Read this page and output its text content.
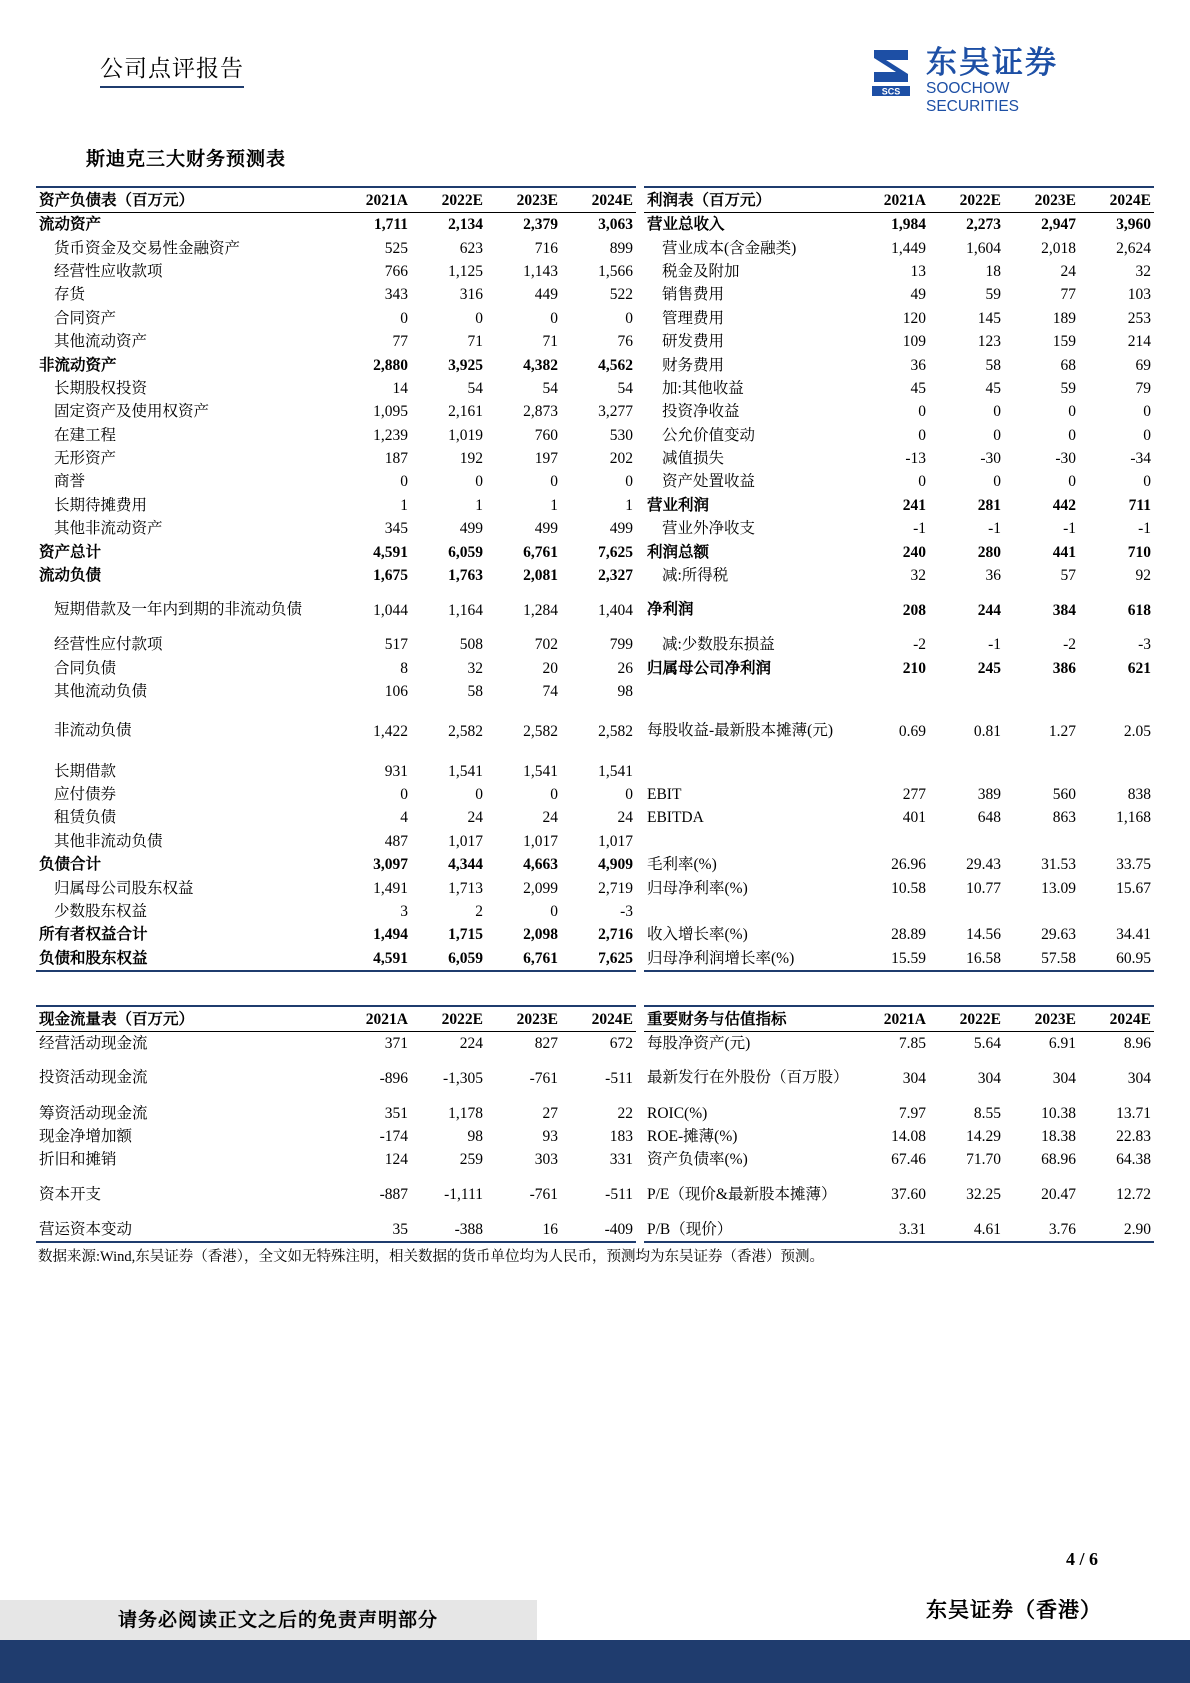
公司点评报告
SCS
东吴证券
SOOCHOW SECURITIES
斯迪克三大财务预测表
资产负债表（百万元）	2021A	2022E	2023E	2024E
流动资产	1,711	2,134	2,379	3,063
货币资金及交易性金融资产	525	623	716	899
经营性应收款项	766	1,125	1,143	1,566
存货	343	316	449	522
合同资产	0	0	0	0
其他流动资产	77	71	71	76
非流动资产	2,880	3,925	4,382	4,562
长期股权投资	14	54	54	54
固定资产及使用权资产	1,095	2,161	2,873	3,277
在建工程	1,239	1,019	760	530
无形资产	187	192	197	202
商誉	0	0	0	0
长期待摊费用	1	1	1	1
其他非流动资产	345	499	499	499
资产总计	4,591	6,059	6,761	7,625
流动负债	1,675	1,763	2,081	2,327
短期借款及一年内到期的非流动负债	1,044	1,164	1,284	1,404
经营性应付款项	517	508	702	799
合同负债	8	32	20	26
其他流动负债	106	58	74	98
非流动负债	1,422	2,582	2,582	2,582
长期借款	931	1,541	1,541	1,541
应付债券	0	0	0	0
租赁负债	4	24	24	24
其他非流动负债	487	1,017	1,017	1,017
负债合计	3,097	4,344	4,663	4,909
归属母公司股东权益	1,491	1,713	2,099	2,719
少数股东权益	3	2	0	-3
所有者权益合计	1,494	1,715	2,098	2,716
负债和股东权益	4,591	6,059	6,761	7,625
利润表（百万元）	2021A	2022E	2023E	2024E
营业总收入	1,984	2,273	2,947	3,960
营业成本(含金融类)	1,449	1,604	2,018	2,624
税金及附加	13	18	24	32
销售费用	49	59	77	103
管理费用	120	145	189	253
研发费用	109	123	159	214
财务费用	36	58	68	69
加:其他收益	45	45	59	79
投资净收益	0	0	0	0
公允价值变动	0	0	0	0
减值损失	-13	-30	-30	-34
资产处置收益	0	0	0	0
营业利润	241	281	442	711
营业外净收支	-1	-1	-1	-1
利润总额	240	280	441	710
减:所得税	32	36	57	92
净利润	208	244	384	618
减:少数股东损益	-2	-1	-2	-3
归属母公司净利润	210	245	386	621

每股收益-最新股本摊薄(元)	0.69	0.81	1.27	2.05

EBIT	277	389	560	838
EBITDA	401	648	863	1,168

毛利率(%)	26.96	29.43	31.53	33.75
归母净利率(%)	10.58	10.77	13.09	15.67

收入增长率(%)	28.89	14.56	29.63	34.41
归母净利润增长率(%)	15.59	16.58	57.58	60.95
现金流量表（百万元）	2021A	2022E	2023E	2024E
经营活动现金流	371	224	827	672
投资活动现金流	-896	-1,305	-761	-511
筹资活动现金流	351	1,178	27	22
现金净增加额	-174	98	93	183
折旧和摊销	124	259	303	331
资本开支	-887	-1,111	-761	-511
营运资本变动	35	-388	16	-409
重要财务与估值指标	2021A	2022E	2023E	2024E
每股净资产(元)	7.85	5.64	6.91	8.96
最新发行在外股份（百万股）	304	304	304	304
ROIC(%)	7.97	8.55	10.38	13.71
ROE-摊薄(%)	14.08	14.29	18.38	22.83
资产负债率(%)	67.46	71.70	68.96	64.38
P/E（现价&最新股本摊薄）	37.60	32.25	20.47	12.72
P/B（现价）	3.31	4.61	3.76	2.90
数据来源:Wind,东吴证券（香港），全文如无特殊注明，相关数据的货币单位均为人民币，预测均为东吴证券（香港）预测。
4 / 6
请务必阅读正文之后的免责声明部分	东吴证券（香港）
